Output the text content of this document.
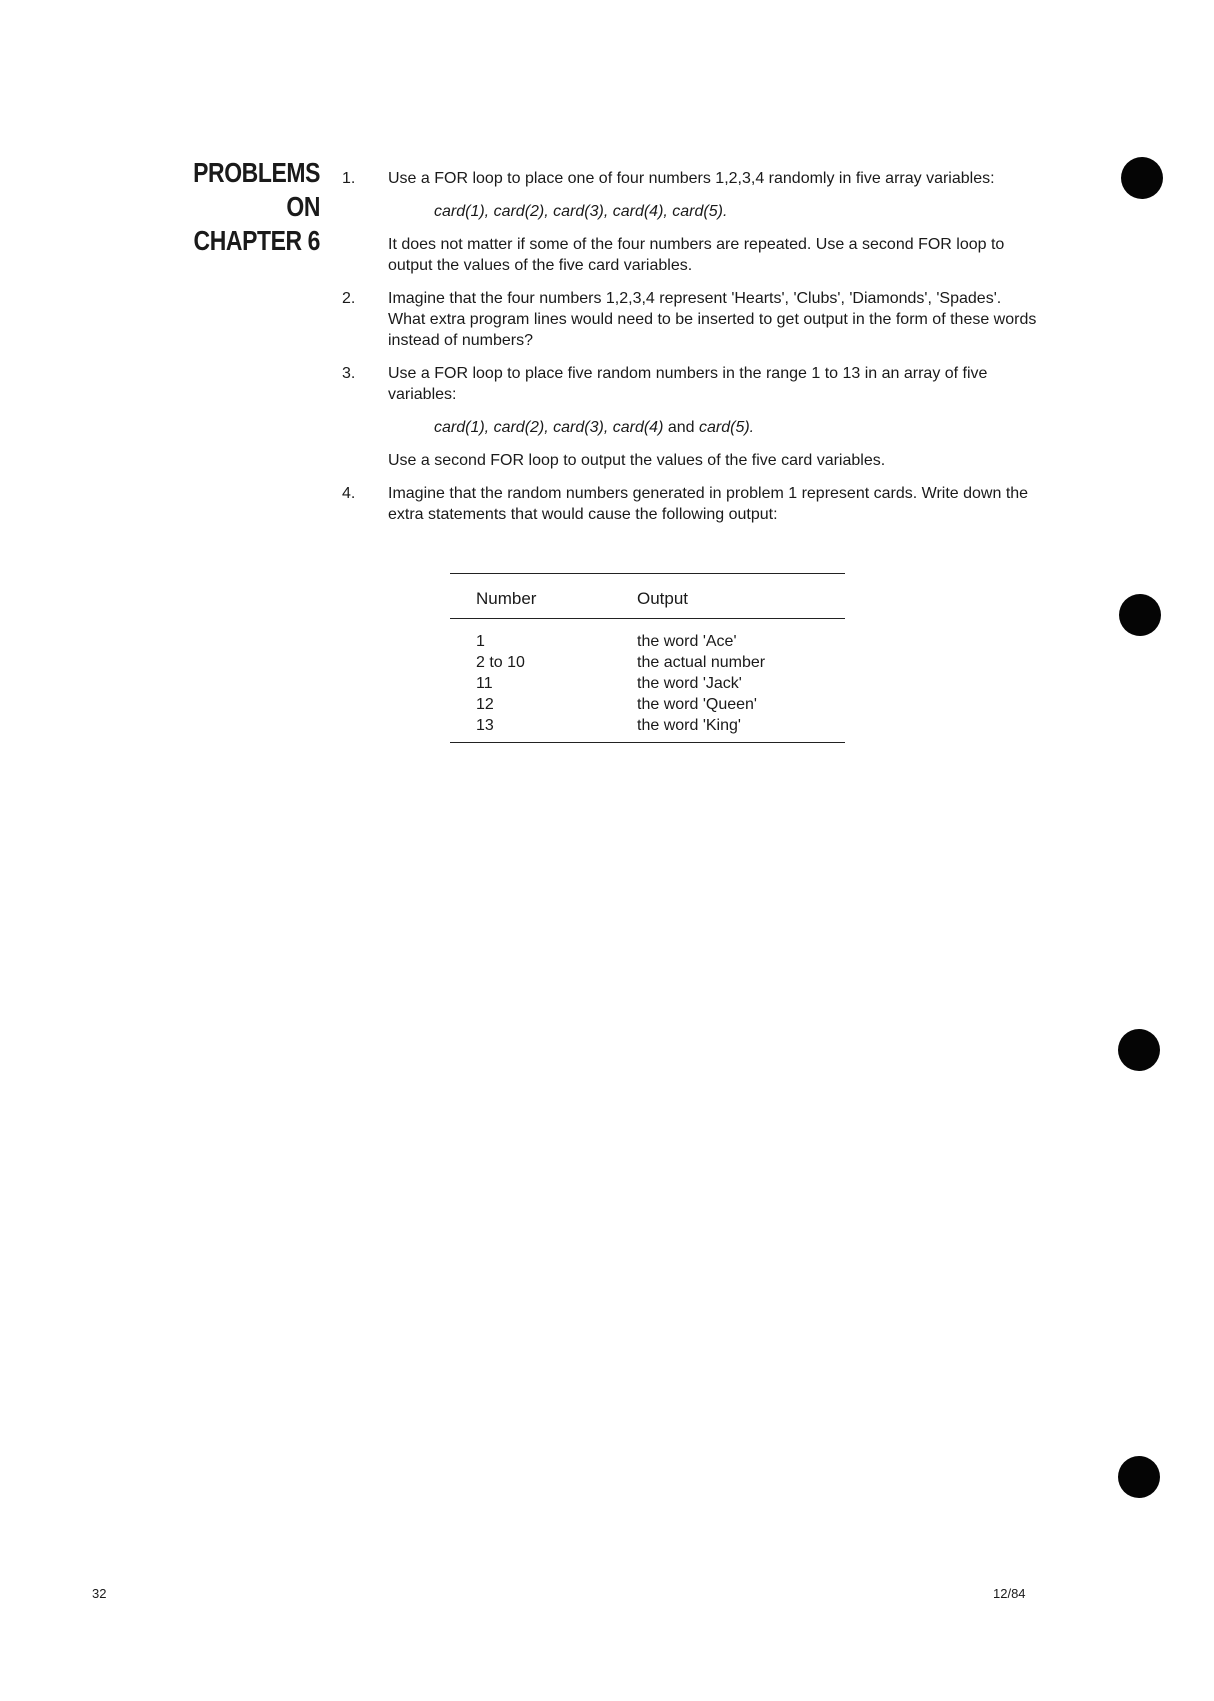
PROBLEMS ON
CHAPTER 6
1. Use a FOR loop to place one of four numbers 1,2,3,4 randomly in five array variables:

card(1), card(2), card(3), card(4), card(5).

It does not matter if some of the four numbers are repeated. Use a second FOR loop to output the values of the five card variables.

2. Imagine that the four numbers 1,2,3,4 represent 'Hearts', 'Clubs', 'Diamonds', 'Spades'. What extra program lines would need to be inserted to get output in the form of these words instead of numbers?

3. Use a FOR loop to place five random numbers in the range 1 to 13 in an array of five variables:

card(1), card(2), card(3), card(4) and card(5).

Use a second FOR loop to output the values of the five card variables.

4. Imagine that the random numbers generated in problem 1 represent cards. Write down the extra statements that would cause the following output:

Number	Output
1	the word 'Ace'
2 to 10	the actual number
11	the word 'Jack'
12	the word 'Queen'
13	the word 'King'
32	12/84
